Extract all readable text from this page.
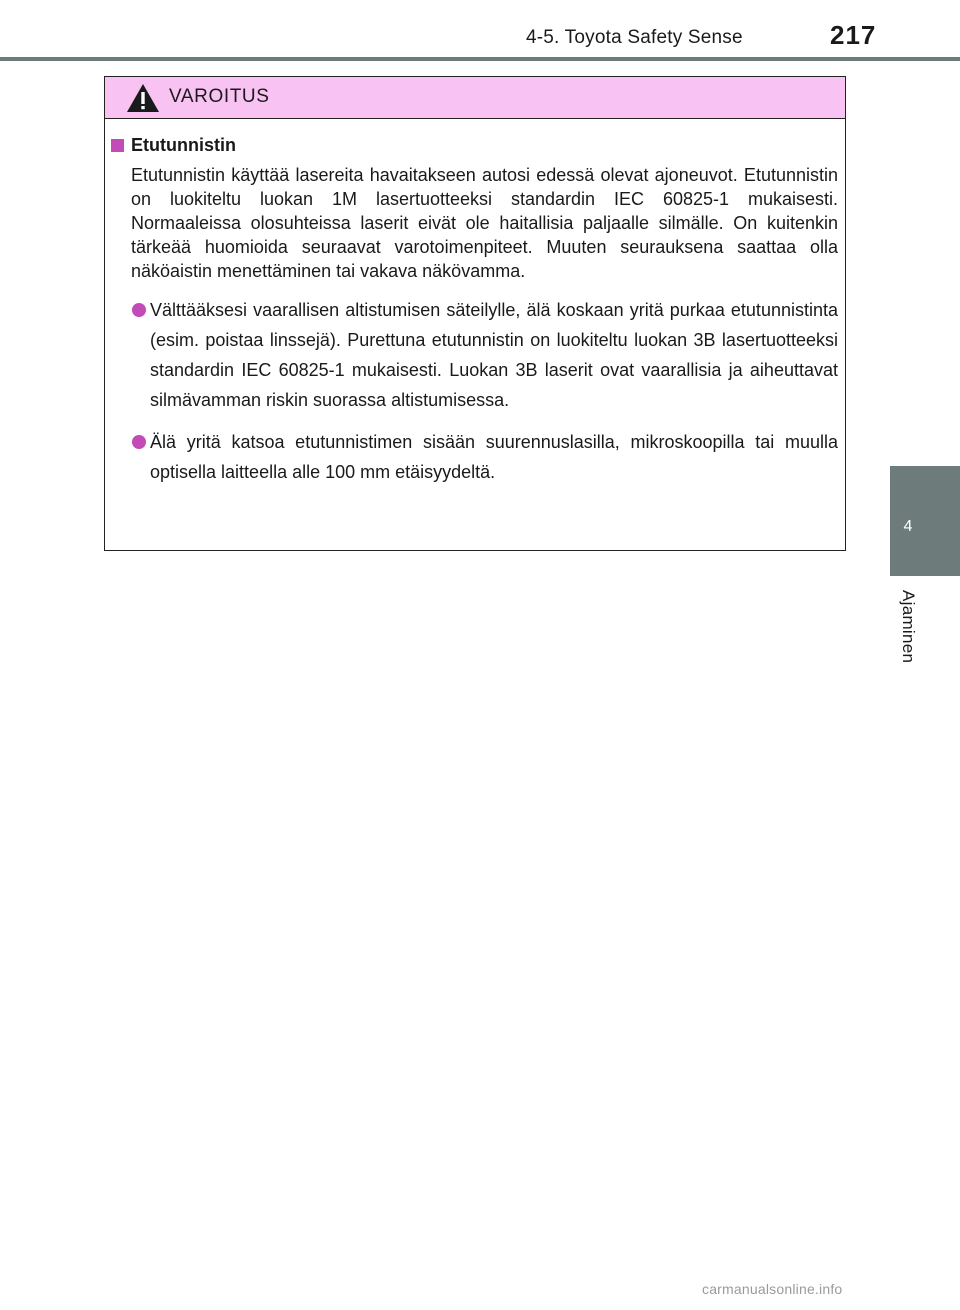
4-5. Toyota Safety Sense	217
4
Ajaminen
VAROITUS
Etutunnistin
Etutunnistin käyttää lasereita havaitakseen autosi edessä olevat ajoneuvot. Etutunnistin on luokiteltu luokan 1M lasertuotteeksi standardin IEC 60825-1 mukaisesti. Normaaleissa olosuhteissa laserit eivät ole haitallisia paljaalle silmälle. On kuitenkin tärkeää huomioida seuraavat varotoimenpiteet. Muuten seurauksena saattaa olla näköaistin menettäminen tai vakava näkövamma.
Välttääksesi vaarallisen altistumisen säteilylle, älä koskaan yritä purkaa etutunnistinta (esim. poistaa linssejä). Purettuna etutunnistin on luokiteltu luokan 3B lasertuotteeksi standardin IEC 60825-1 mukaisesti. Luokan 3B laserit ovat vaarallisia ja aiheuttavat silmävamman riskin suorassa altistumisessa.
Älä yritä katsoa etutunnistimen sisään suurennuslasilla, mikroskoopilla tai muulla optisella laitteella alle 100 mm etäisyydeltä.
carmanualsonline.info
